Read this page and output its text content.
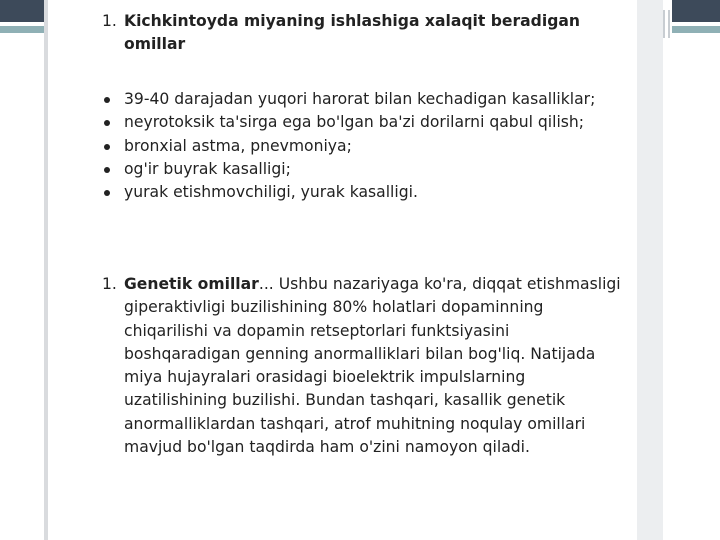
1. Kichkintoyda miyaning ishlashiga xalaqit beradigan omillar
39-40 darajadan yuqori harorat bilan kechadigan kasalliklar;
neyrotoksik ta'sirga ega bo'lgan ba'zi dorilarni qabul qilish;
bronxial astma, pnevmoniya;
og'ir buyrak kasalligi;
yurak etishmovchiligi, yurak kasalligi.
1. Genetik omillar... Ushbu nazariyaga ko'ra, diqqat etishmasligi giperaktivligi buzilishining 80% holatlari dopaminning chiqarilishi va dopamin retseptorlari funktsiyasini boshqaradigan genning anormalliklari bilan bog'liq. Natijada miya hujayralari orasidagi bioelektrik impulslarning uzatilishining buzilishi. Bundan tashqari, kasallik genetik anormalliklardan tashqari, atrof muhitning noqulay omillari mavjud bo'lgan taqdirda ham o'zini namoyon qiladi.
